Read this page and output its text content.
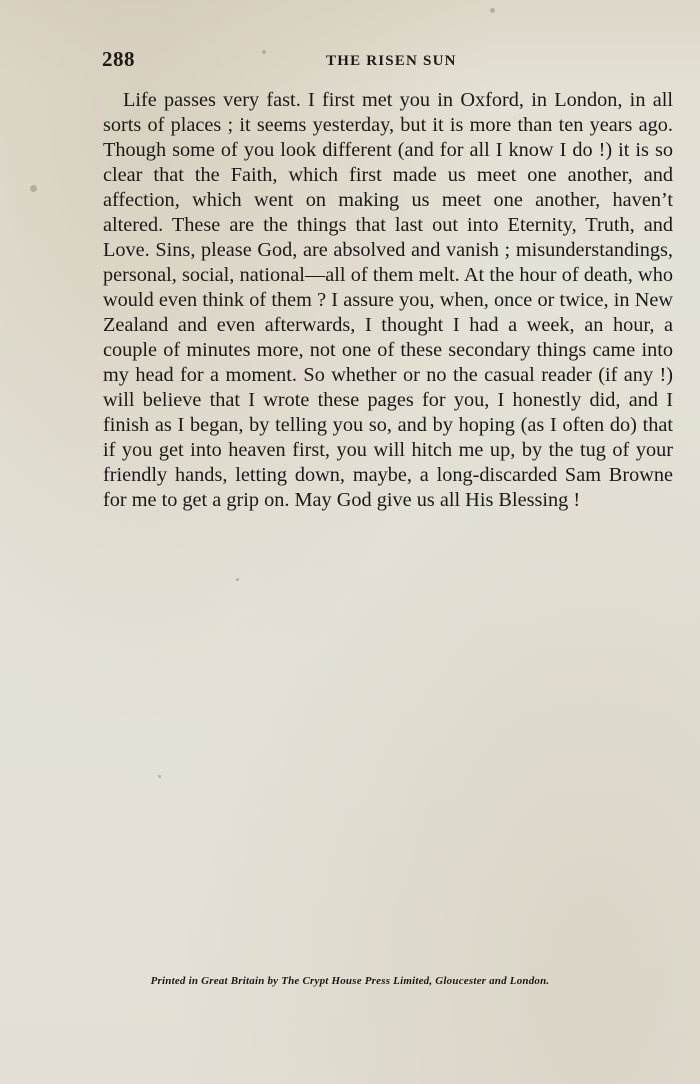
288	THE RISEN SUN

Life passes very fast. I first met you in Oxford, in London, in all sorts of places ; it seems yesterday, but it is more than ten years ago. Though some of you look different (and for all I know I do !) it is so clear that the Faith, which first made us meet one another, and affection, which went on making us meet one another, haven’t altered. These are the things that last out into Eternity, Truth, and Love. Sins, please God, are absolved and vanish ; misunderstandings, personal, social, national—all of them melt. At the hour of death, who would even think of them ? I assure you, when, once or twice, in New Zealand and even afterwards, I thought I had a week, an hour, a couple of minutes more, not one of these secondary things came into my head for a moment. So whether or no the casual reader (if any !) will believe that I wrote these pages for you, I honestly did, and I finish as I began, by telling you so, and by hoping (as I often do) that if you get into heaven first, you will hitch me up, by the tug of your friendly hands, letting down, maybe, a long-discarded Sam Browne for me to get a grip on. May God give us all His Blessing !

Printed in Great Britain by The Crypt House Press Limited, Gloucester and London.
